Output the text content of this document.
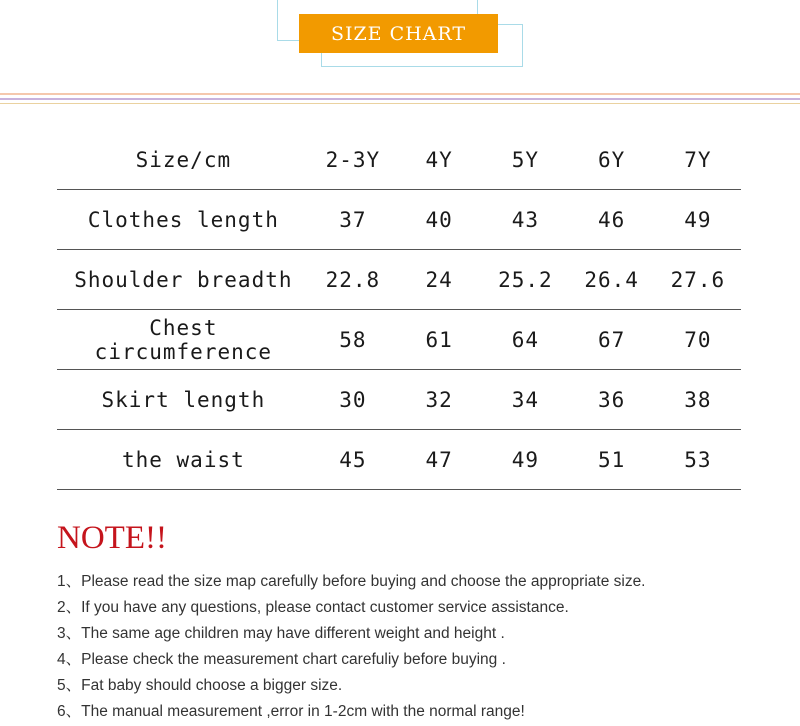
SIZE CHART
Size/cm	2-3Y	4Y	5Y	6Y	7Y
Clothes length	37	40	43	46	49
Shoulder breadth	22.8	24	25.2	26.4	27.6
Chest circumference	58	61	64	67	70
Skirt length	30	32	34	36	38
the waist	45	47	49	51	53
NOTE!!
1、Please read the size map carefully before buying and choose the appropriate size.
2、If you have any questions, please contact customer service assistance.
3、The same age children may have different weight and height .
4、Please check the measurement chart carefuliy before buying .
5、Fat baby should choose a bigger size.
6、The manual measurement ,error in 1-2cm with the normal range!
